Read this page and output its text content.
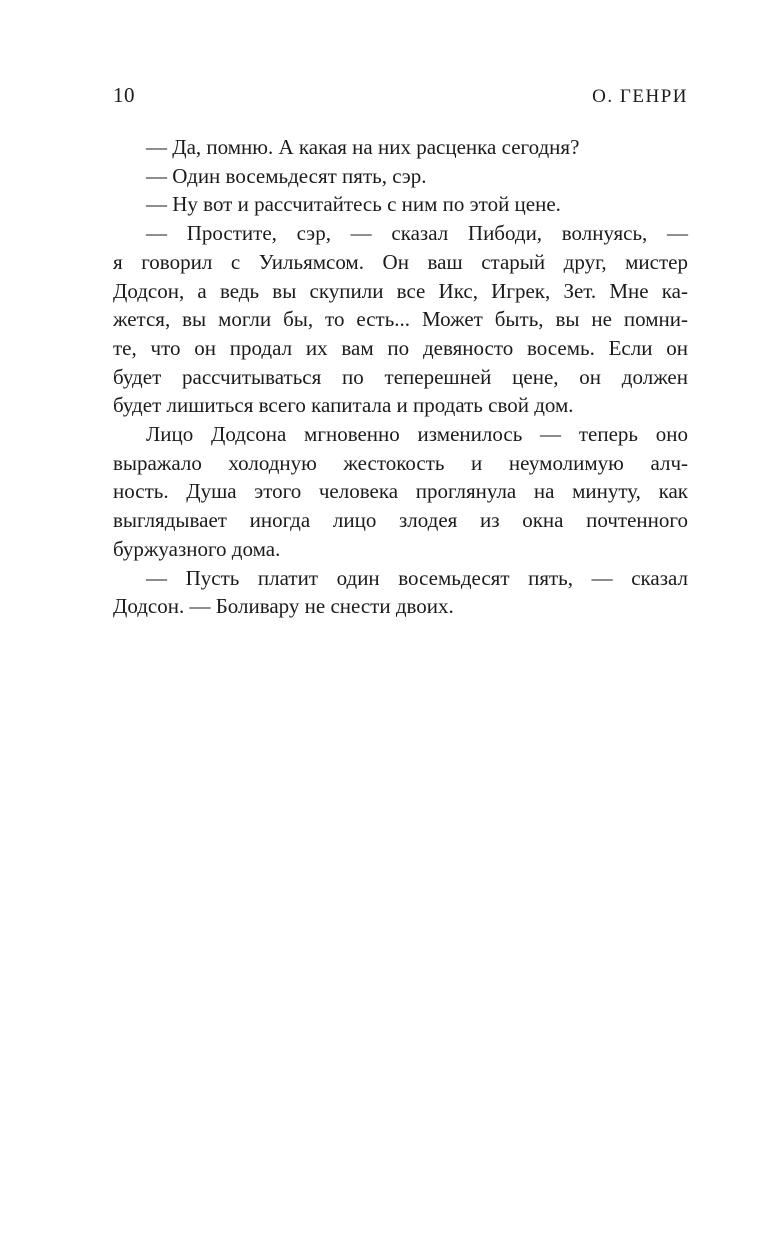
10	О. ГЕНРИ
— Да, помню. А какая на них расценка сегодня?
— Один восемьдесят пять, сэр.
— Ну вот и рассчитайтесь с ним по этой цене.
— Простите, сэр, — сказал Пибоди, волнуясь, —
я говорил с Уильямсом. Он ваш старый друг, мистер
Додсон, а ведь вы скупили все Икс, Игрек, Зет. Мне ка-
жется, вы могли бы, то есть... Может быть, вы не помни-
те, что он продал их вам по девяносто восемь. Если он
будет рассчитываться по теперешней цене, он должен
будет лишиться всего капитала и продать свой дом.
Лицо Додсона мгновенно изменилось — теперь оно
выражало холодную жестокость и неумолимую алч-
ность. Душа этого человека проглянула на минуту, как
выглядывает иногда лицо злодея из окна почтенного
буржуазного дома.
— Пусть платит один восемьдесят пять, — сказал
Додсон. — Боливару не снести двоих.
